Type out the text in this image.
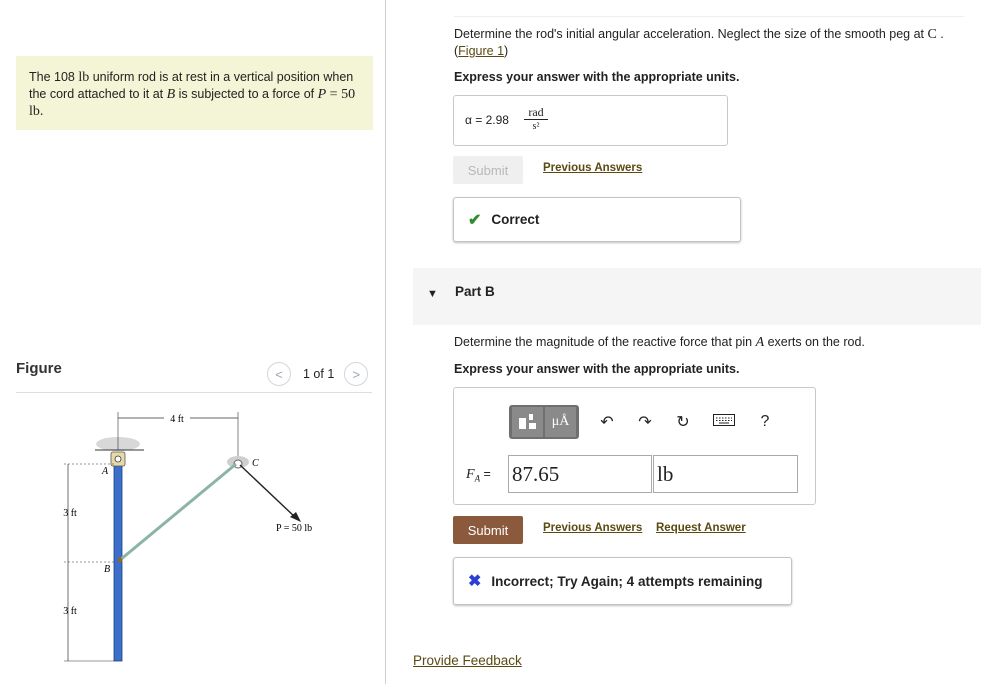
The 108 lb uniform rod is at rest in a vertical position when the cord attached to it at B is subjected to a force of P = 50 lb.
Figure	<	1 of 1	>
4 ft
3 ft
3 ft
A
B
C
P = 50 lb
Determine the rod's initial angular acceleration. Neglect the size of the smooth peg at C .
(Figure 1)
Express your answer with the appropriate units.
α = 2.98
rad
s²
Submit	Previous Answers
✔ Correct
▼ Part B
Determine the magnitude of the reactive force that pin A exerts on the rod.
Express your answer with the appropriate units.
μÅ	↶ ↷ ↻	?
$F_A = 87.65$	lb
Submit	Previous Answers Request Answer
✖ Incorrect; Try Again; 4 attempts remaining
Provide Feedback
